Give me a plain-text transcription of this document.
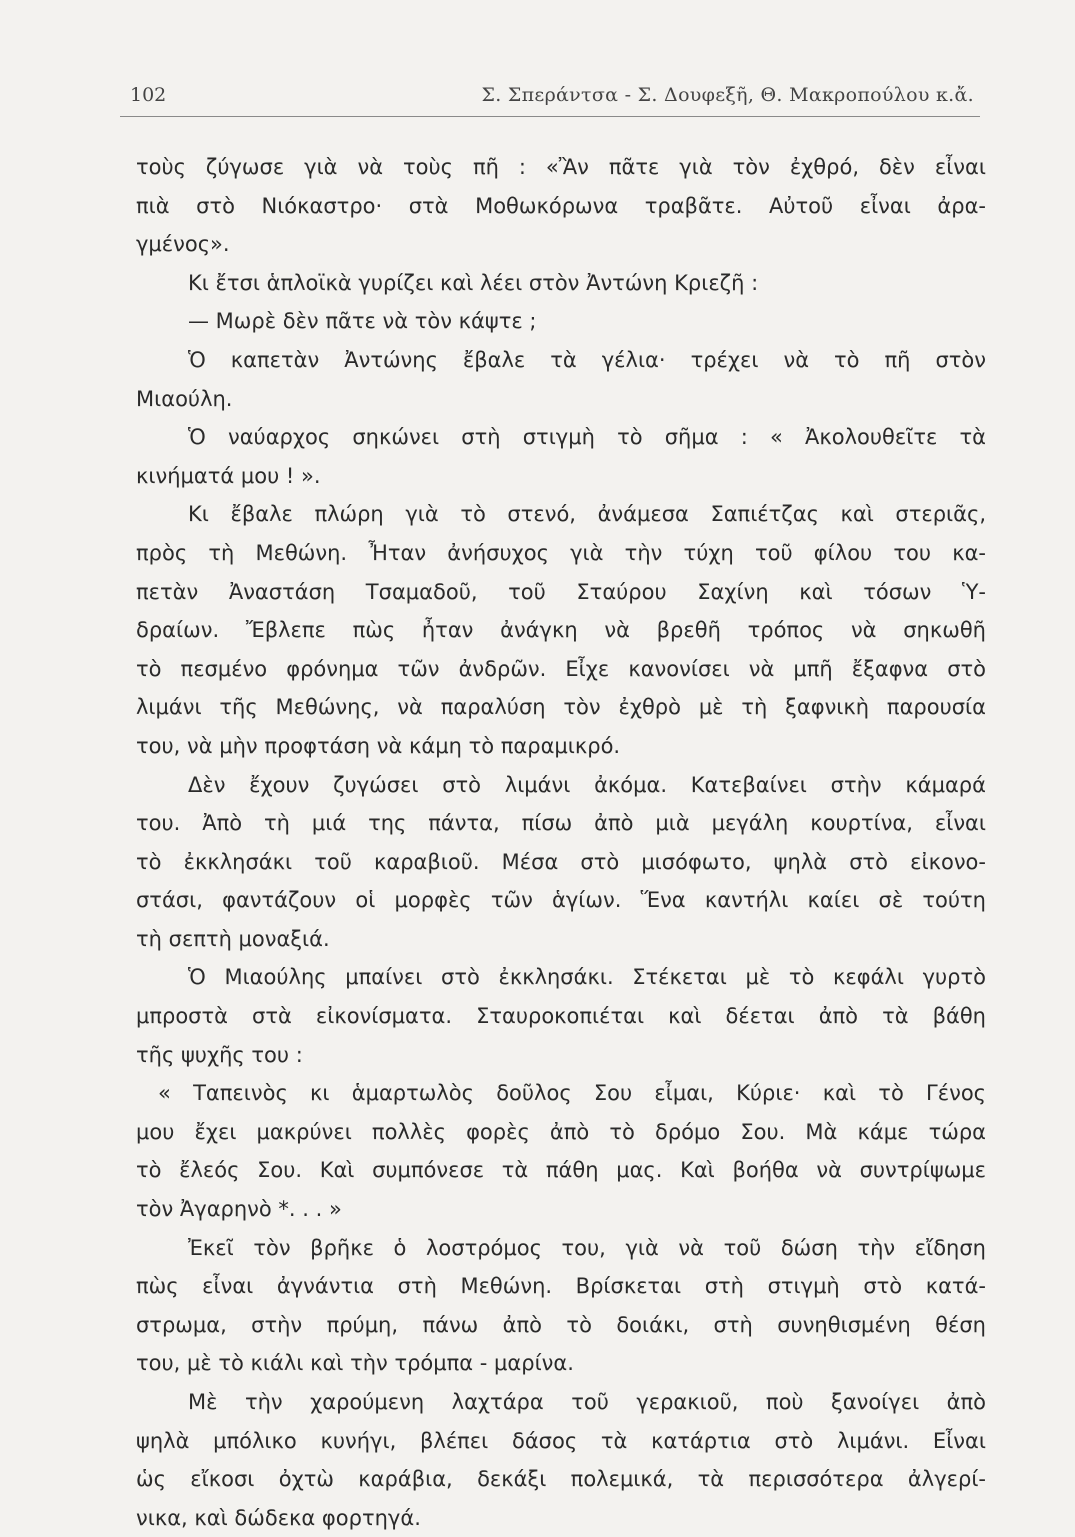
102	Σ. Σπεράντσα - Σ. Δουφεξῆ, Θ. Μακροπούλου κ.ἄ.
τοὺς ζύγωσε γιὰ νὰ τοὺς πῆ : «Ἂν πᾶτε γιὰ τὸν ἐχθρό, δὲν εἶναι
πιὰ στὸ Νιόκαστρο· στὰ Μοθωκόρωνα τραβᾶτε. Αὐτοῦ εἶναι ἀρα-
γμένος».
Κι ἔτσι ἁπλοϊκὰ γυρίζει καὶ λέει στὸν Ἀντώνη Κριεζῆ :
— Μωρὲ δὲν πᾶτε νὰ τὸν κάψτε ;
Ὁ καπετὰν Ἀντώνης ἔβαλε τὰ γέλια· τρέχει νὰ τὸ πῆ στὸν
Μιαούλη.
Ὁ ναύαρχος σηκώνει στὴ στιγμὴ τὸ σῆμα : « Ἀκολουθεῖτε τὰ
κινήματά μου ! ».
Κι ἔβαλε πλώρη γιὰ τὸ στενό, ἀνάμεσα Σαπιέτζας καὶ στεριᾶς,
πρὸς τὴ Μεθώνη. Ἦταν ἀνήσυχος γιὰ τὴν τύχη τοῦ φίλου του κα-
πετὰν Ἀναστάση Τσαμαδοῦ, τοῦ Σταύρου Σαχίνη καὶ τόσων Ὑ-
δραίων. Ἔβλεπε πὼς ἦταν ἀνάγκη νὰ βρεθῆ τρόπος νὰ σηκωθῆ
τὸ πεσμένο φρόνημα τῶν ἀνδρῶν. Εἶχε κανονίσει νὰ μπῆ ἔξαφνα στὸ
λιμάνι τῆς Μεθώνης, νὰ παραλύση τὸν ἐχθρὸ μὲ τὴ ξαφνικὴ παρουσία
του, νὰ μὴν προφτάση νὰ κάμη τὸ παραμικρό.
Δὲν ἔχουν ζυγώσει στὸ λιμάνι ἀκόμα. Κατεβαίνει στὴν κάμαρά
του. Ἀπὸ τὴ μιά της πάντα, πίσω ἀπὸ μιὰ μεγάλη κουρτίνα, εἶναι
τὸ ἐκκλησάκι τοῦ καραβιοῦ. Μέσα στὸ μισόφωτο, ψηλὰ στὸ εἰκονο-
στάσι, φαντάζουν οἱ μορφὲς τῶν ἁγίων. Ἕνα καντήλι καίει σὲ τούτη
τὴ σεπτὴ μοναξιά.
Ὁ Μιαούλης μπαίνει στὸ ἐκκλησάκι. Στέκεται μὲ τὸ κεφάλι γυρτὸ
μπροστὰ στὰ εἰκονίσματα. Σταυροκοπιέται καὶ δέεται ἀπὸ τὰ βάθη
τῆς ψυχῆς του :
« Ταπεινὸς κι ἁμαρτωλὸς δοῦλος Σου εἶμαι, Κύριε· καὶ τὸ Γένος
μου ἔχει μακρύνει πολλὲς φορὲς ἀπὸ τὸ δρόμο Σου. Μὰ κάμε τώρα
τὸ ἔλεός Σου. Καὶ συμπόνεσε τὰ πάθη μας. Καὶ βοήθα νὰ συντρίψωμε
τὸν Ἀγαρηνὸ *. . . »
Ἐκεῖ τὸν βρῆκε ὁ λοστρόμος του, γιὰ νὰ τοῦ δώση τὴν εἴδηση
πὼς εἶναι ἀγνάντια στὴ Μεθώνη. Βρίσκεται στὴ στιγμὴ στὸ κατά-
στρωμα, στὴν πρύμη, πάνω ἀπὸ τὸ δοιάκι, στὴ συνηθισμένη θέση
του, μὲ τὸ κιάλι καὶ τὴν τρόμπα - μαρίνα.
Μὲ τὴν χαρούμενη λαχτάρα τοῦ γερακιοῦ, ποὺ ξανοίγει ἀπὸ
ψηλὰ μπόλικο κυνήγι, βλέπει δάσος τὰ κατάρτια στὸ λιμάνι. Εἶναι
ὡς εἴκοσι ὀχτὼ καράβια, δεκάξι πολεμικά, τὰ περισσότερα ἀλγερί-
νικα, καὶ δώδεκα φορτηγά.
